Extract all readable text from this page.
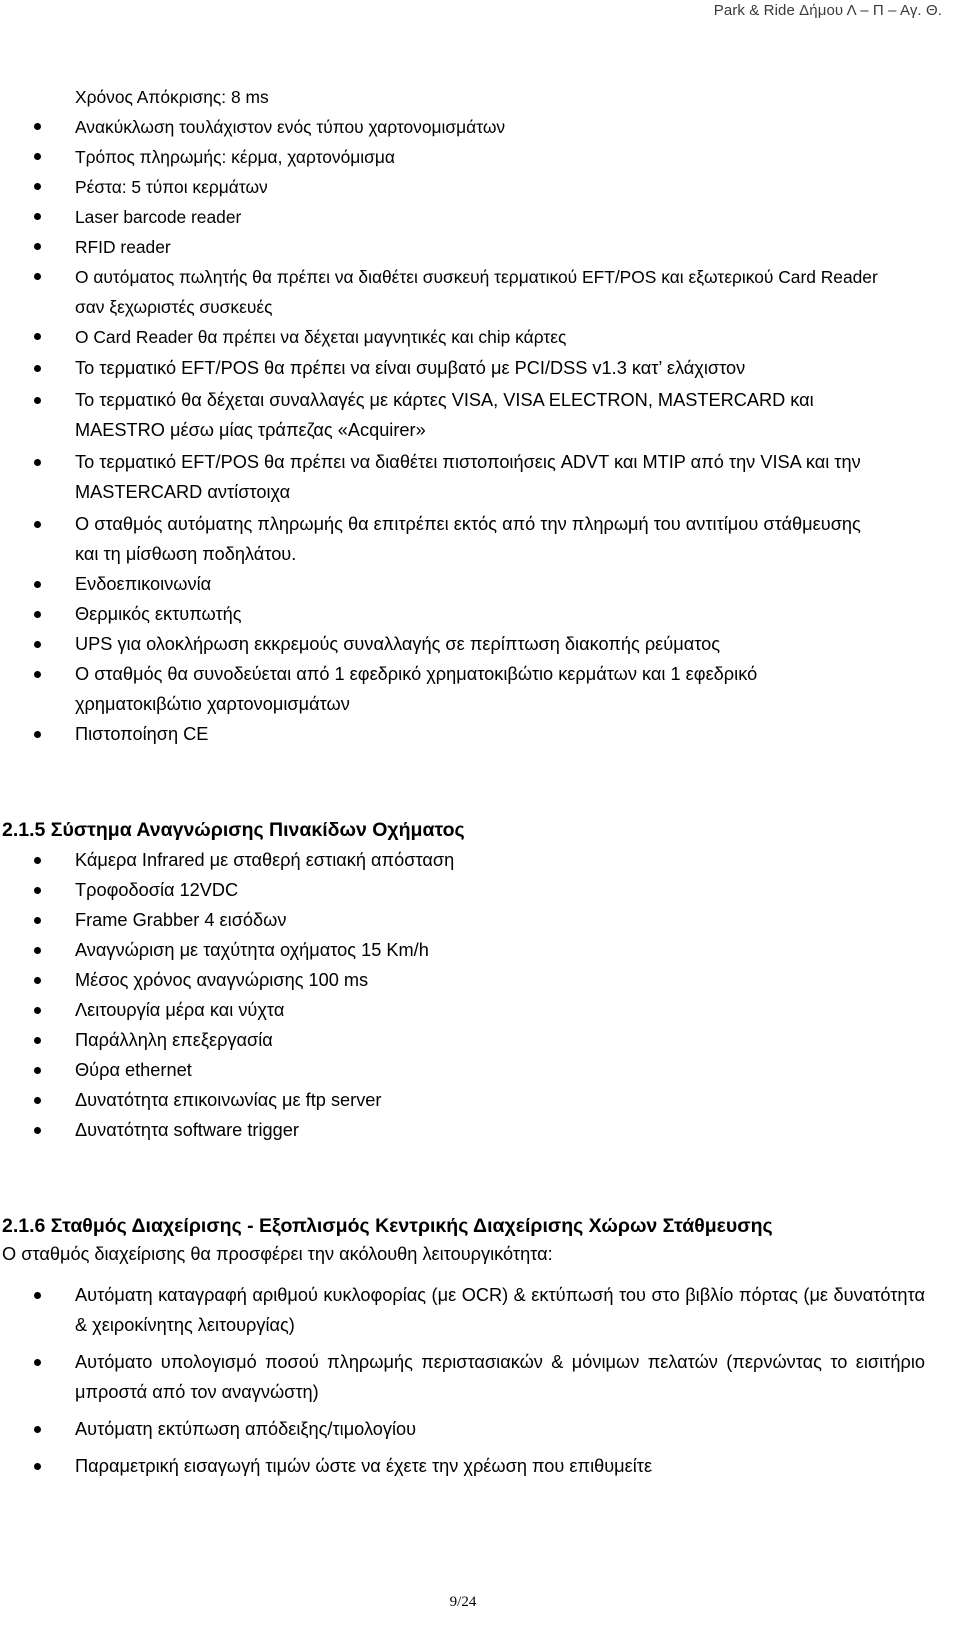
Park & Ride Δήμου Λ – Π – Αγ. Θ.
Χρόνος Απόκρισης: 8 ms
Ανακύκλωση τουλάχιστον ενός τύπου χαρτονομισμάτων
Τρόπος πληρωμής: κέρμα, χαρτονόμισμα
Ρέστα: 5 τύποι κερμάτων
Laser barcode reader
RFID reader
Ο αυτόματος πωλητής θα πρέπει να διαθέτει συσκευή τερματικού EFT/POS και εξωτερικού Card Reader σαν ξεχωριστές συσκευές
Ο Card Reader θα πρέπει να δέχεται μαγνητικές και chip κάρτες
Το τερματικό EFT/POS θα πρέπει να είναι συμβατό με PCI/DSS v1.3 κατ’ ελάχιστον
Το τερματικό θα δέχεται συναλλαγές με κάρτες VISA, VISA ELECTRON, MASTERCARD και MAESTRO μέσω μίας τράπεζας «Acquirer»
Το τερματικό EFT/POS θα πρέπει να διαθέτει πιστοποιήσεις ADVT και MTIP από την VISA και την MASTERCARD αντίστοιχα
Ο σταθμός αυτόματης πληρωμής θα επιτρέπει εκτός από την πληρωμή του αντιτίμου στάθμευσης και τη μίσθωση ποδηλάτου.
Ενδοεπικοινωνία
Θερμικός εκτυπωτής
UPS για ολοκλήρωση εκκρεμούς συναλλαγής σε περίπτωση διακοπής ρεύματος
Ο σταθμός θα συνοδεύεται από 1 εφεδρικό χρηματοκιβώτιο κερμάτων και 1 εφεδρικό χρηματοκιβώτιο χαρτονομισμάτων
Πιστοποίηση CE
2.1.5 Σύστημα Αναγνώρισης Πινακίδων Οχήματος
Κάμερα Infrared με σταθερή εστιακή απόσταση
Τροφοδοσία 12VDC
Frame Grabber 4 εισόδων
Αναγνώριση με ταχύτητα οχήματος 15 Km/h
Μέσος χρόνος αναγνώρισης 100 ms
Λειτουργία μέρα και νύχτα
Παράλληλη επεξεργασία
Θύρα ethernet
Δυνατότητα επικοινωνίας με ftp server
Δυνατότητα software trigger
2.1.6 Σταθμός Διαχείρισης - Εξοπλισμός Κεντρικής Διαχείρισης Χώρων Στάθμευσης
Ο σταθμός διαχείρισης θα προσφέρει την ακόλουθη λειτουργικότητα:
Αυτόματη καταγραφή αριθμού κυκλοφορίας (με OCR) & εκτύπωσή του στο βιβλίο πόρτας (με δυνατότητα & χειροκίνητης λειτουργίας)
Αυτόματο υπολογισμό ποσού πληρωμής περιστασιακών & μόνιμων πελατών (περνώντας το εισιτήριο μπροστά από τον αναγνώστη)
Αυτόματη εκτύπωση απόδειξης/τιμολογίου
Παραμετρική εισαγωγή τιμών ώστε να έχετε την χρέωση που επιθυμείτε
9/24
